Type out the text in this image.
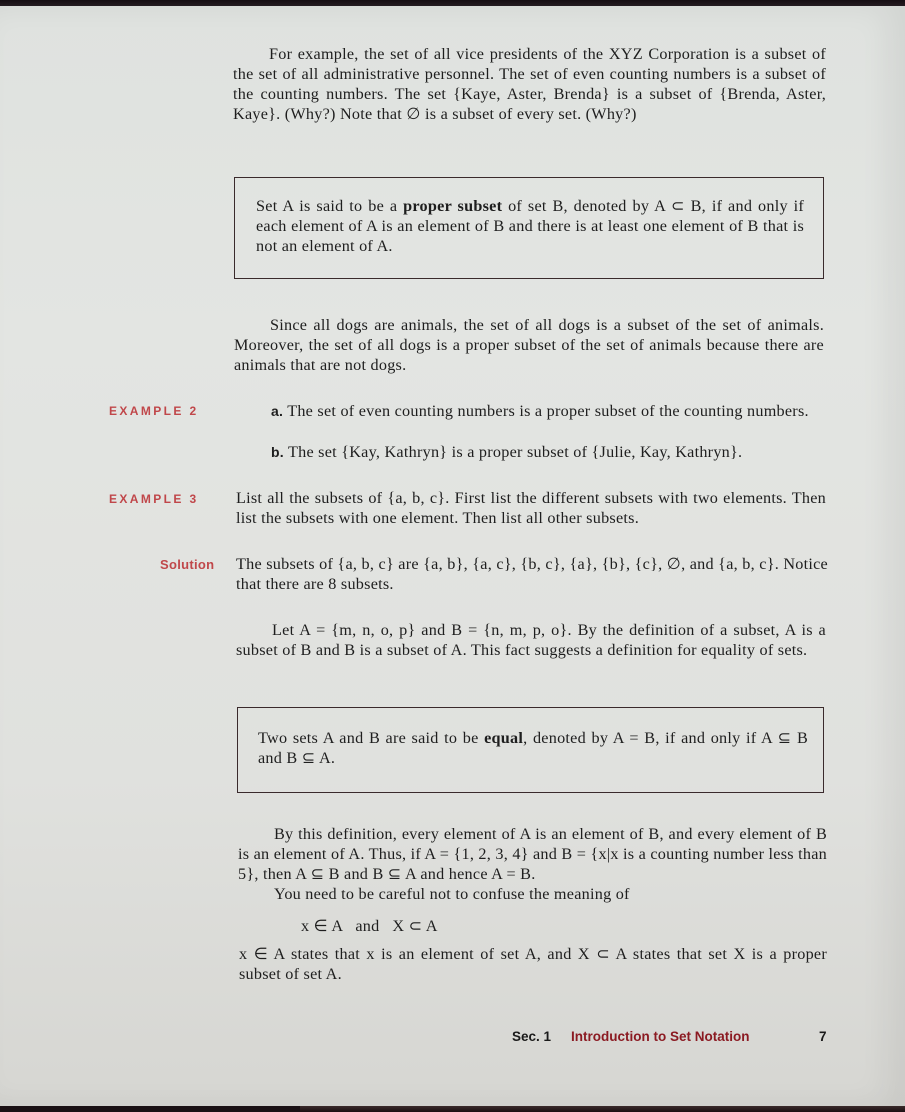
For example, the set of all vice presidents of the XYZ Corporation is a subset of the set of all administrative personnel. The set of even counting numbers is a subset of the counting numbers. The set {Kaye, Aster, Brenda} is a subset of {Brenda, Aster, Kaye}. (Why?) Note that ∅ is a subset of every set. (Why?)
Set A is said to be a proper subset of set B, denoted by A ⊂ B, if and only if each element of A is an element of B and there is at least one element of B that is not an element of A.
Since all dogs are animals, the set of all dogs is a subset of the set of animals. Moreover, the set of all dogs is a proper subset of the set of animals because there are animals that are not dogs.
EXAMPLE 2	a. The set of even counting numbers is a proper subset of the counting numbers.
b. The set {Kay, Kathryn} is a proper subset of {Julie, Kay, Kathryn}.
EXAMPLE 3 List all the subsets of {a, b, c}. First list the different subsets with two elements. Then list the subsets with one element. Then list all other subsets.
Solution The subsets of {a, b, c} are {a, b}, {a, c}, {b, c}, {a}, {b}, {c}, ∅, and {a, b, c}. Notice that there are 8 subsets.
Let A = {m, n, o, p} and B = {n, m, p, o}. By the definition of a subset, A is a subset of B and B is a subset of A. This fact suggests a definition for equality of sets.
Two sets A and B are said to be equal, denoted by A = B, if and only if A ⊆ B and B ⊆ A.
By this definition, every element of A is an element of B, and every element of B is an element of A. Thus, if A = {1, 2, 3, 4} and B = {x|x is a counting number less than 5}, then A ⊆ B and B ⊆ A and hence A = B.
You need to be careful not to confuse the meaning of
x ∈ A   and   X ⊂ A
x ∈ A states that x is an element of set A, and X ⊂ A states that set X is a proper subset of set A.
Sec. 1 Introduction to Set Notation	7
